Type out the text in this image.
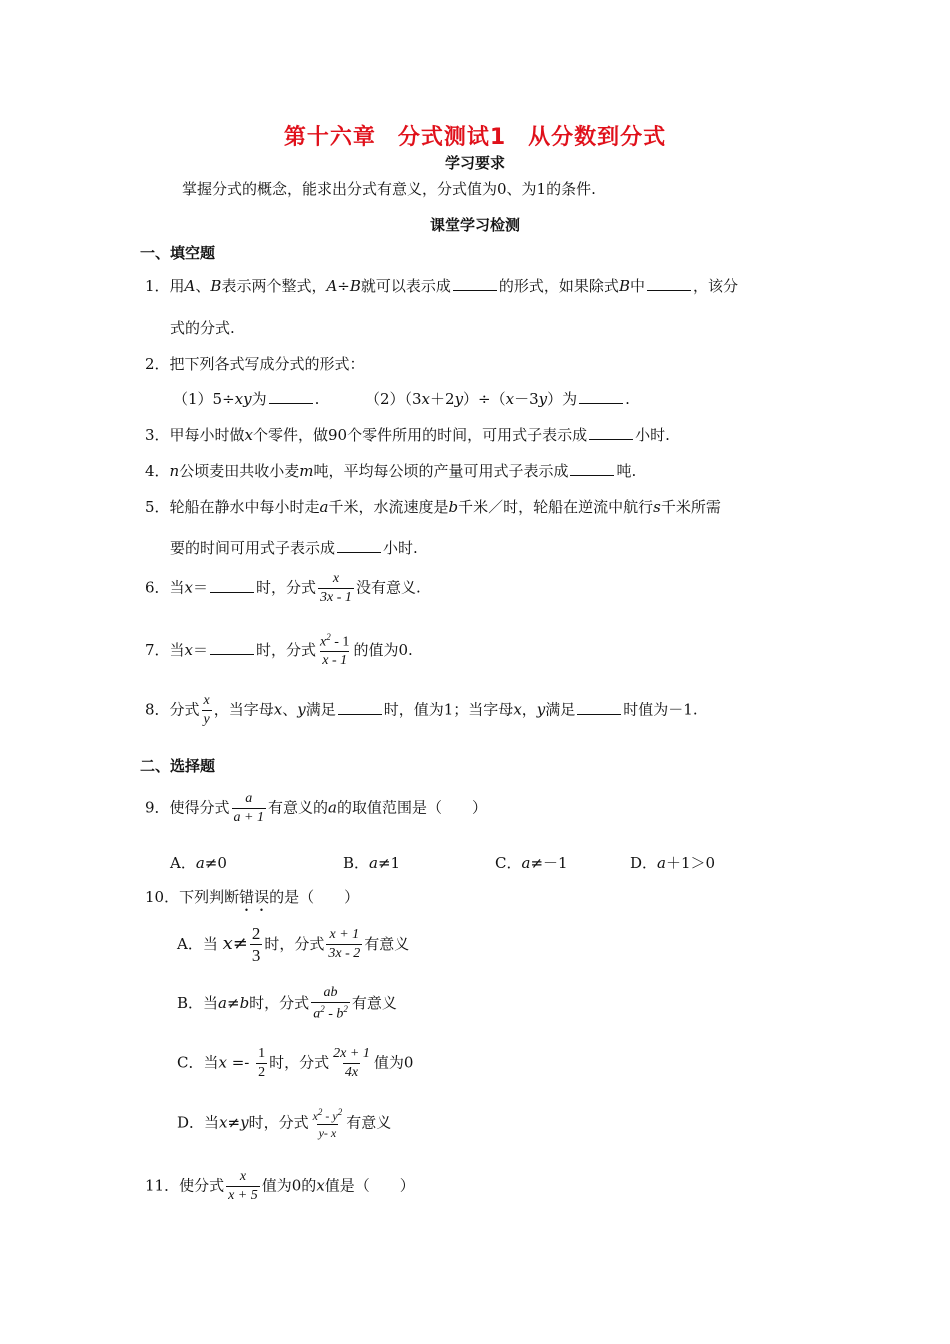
第十六章 分式测试1 从分数到分式
学习要求
掌握分式的概念，能求出分式有意义，分式值为0、为1的条件.
课堂学习检测
一、填空题
1．用A、B表示两个整式，A÷B就可以表示成	的形式，如果除式B中	，该分
式的分式.
2．把下列各式写成分式的形式：
（1）5÷xy为	.	（2）（3x＋2y）÷（x－3y）为	.
3．甲每小时做x个零件，做90个零件所用的时间，可用式子表示成	小时.
4．n公顷麦田共收小麦m吨，平均每公顷的产量可用式子表示成	吨.
5．轮船在静水中每小时走a千米，水流速度是b千米／时，轮船在逆流中航行s千米所需
要的时间可用式子表示成	小时.
6．当x＝	时，分式 $\frac{x}{3x - 1}$ 没有意义.
7．当x＝	时，分式 $\frac{x^2 - 1}{x - 1}$ 的值为0.
8．分式 $\frac{x}{y}$ ，当字母x、y满足	时，值为1；当字母x，y满足	时值为－1.
二、选择题
9．使得分式 $\frac{a}{a + 1}$ 有意义的a的取值范围是（　　）
A．a≠0	B．a≠1	C．a≠－1	D．a＋1＞0
10．下列判断错误的是（　　）
A．当 $x\ne \frac{2}{3}$ 时，分式 $\frac{x + 1}{3x - 2}$ 有意义
B．当a≠b时，分式 $\frac{ab}{a^2 - b^2}$ 有意义
C．当$x =- \frac{1}{2}$ 时，分式 $\frac{2x + 1}{4x}$ 值为0
D．当x≠y时，分式 $\frac{x^2 - y^2}{y- x}$ 有意义
11．使分式 $\frac{x}{x + 5}$ 值为0的x值是（　　）
